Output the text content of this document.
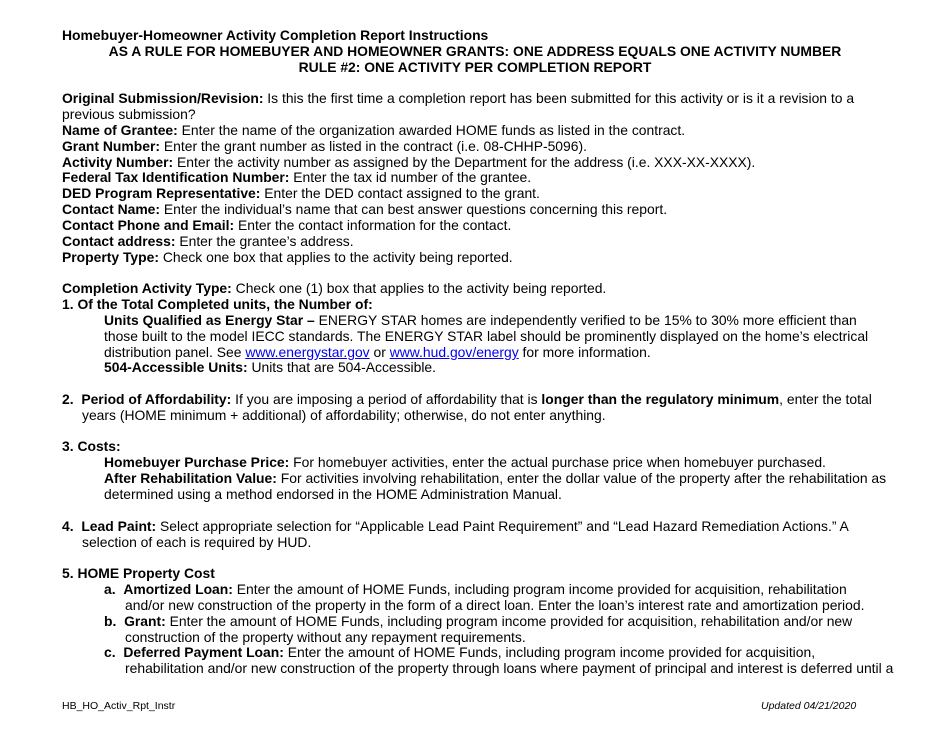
Homebuyer-Homeowner Activity Completion Report Instructions
AS A RULE FOR HOMEBUYER AND HOMEOWNER GRANTS: ONE ADDRESS EQUALS ONE ACTIVITY NUMBER
RULE #2: ONE ACTIVITY PER COMPLETION REPORT
Original Submission/Revision: Is this the first time a completion report has been submitted for this activity or is it a revision to a
previous submission?
Name of Grantee: Enter the name of the organization awarded HOME funds as listed in the contract.
Grant Number: Enter the grant number as listed in the contract (i.e. 08-CHHP-5096).
Activity Number: Enter the activity number as assigned by the Department for the address (i.e. XXX-XX-XXXX).
Federal Tax Identification Number: Enter the tax id number of the grantee.
DED Program Representative: Enter the DED contact assigned to the grant.
Contact Name: Enter the individual’s name that can best answer questions concerning this report.
Contact Phone and Email: Enter the contact information for the contact.
Contact address: Enter the grantee’s address.
Property Type: Check one box that applies to the activity being reported.
Completion Activity Type: Check one (1) box that applies to the activity being reported.
1. Of the Total Completed units, the Number of:
Units Qualified as Energy Star – ENERGY STAR homes are independently verified to be 15% to 30% more efficient than
those built to the model IECC standards. The ENERGY STAR label should be prominently displayed on the home’s electrical
distribution panel. See www.energystar.gov or www.hud.gov/energy for more information.
504-Accessible Units: Units that are 504-Accessible.
2. Period of Affordability: If you are imposing a period of affordability that is longer than the regulatory minimum, enter the total
years (HOME minimum + additional) of affordability; otherwise, do not enter anything.
3. Costs:
Homebuyer Purchase Price: For homebuyer activities, enter the actual purchase price when homebuyer purchased.
After Rehabilitation Value: For activities involving rehabilitation, enter the dollar value of the property after the rehabilitation as
determined using a method endorsed in the HOME Administration Manual.
4. Lead Paint: Select appropriate selection for “Applicable Lead Paint Requirement” and “Lead Hazard Remediation Actions.” A
selection of each is required by HUD.
5. HOME Property Cost
a. Amortized Loan: Enter the amount of HOME Funds, including program income provided for acquisition, rehabilitation
and/or new construction of the property in the form of a direct loan. Enter the loan’s interest rate and amortization period.
b. Grant: Enter the amount of HOME Funds, including program income provided for acquisition, rehabilitation and/or new
construction of the property without any repayment requirements.
c. Deferred Payment Loan: Enter the amount of HOME Funds, including program income provided for acquisition,
rehabilitation and/or new construction of the property through loans where payment of principal and interest is deferred until a
HB_HO_Activ_Rpt_Instr	Updated 04/21/2020
